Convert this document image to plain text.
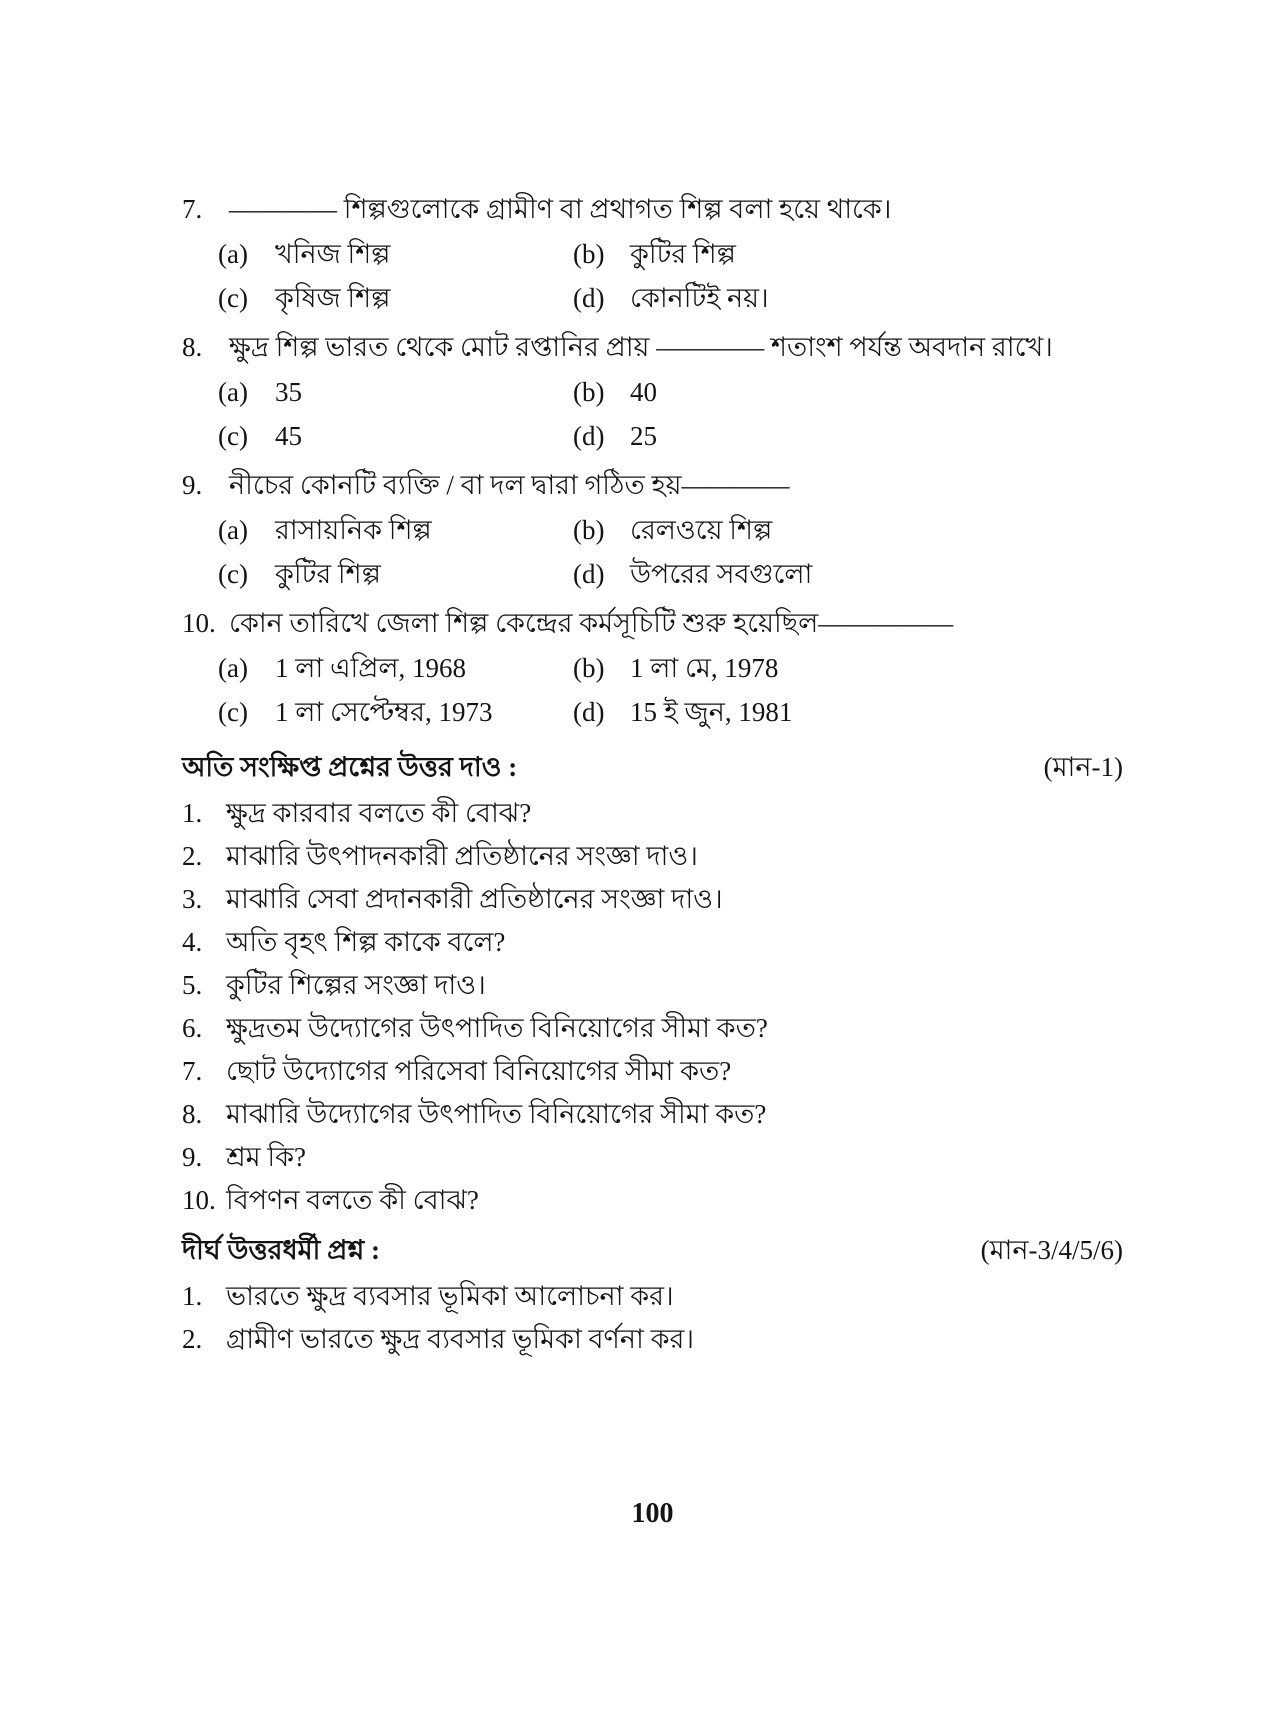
7. ———— শিল্পগুলোকে গ্রামীণ বা প্রথাগত শিল্প বলা হয়ে থাকে।
(a)	খনিজ শিল্প	(b) কুটির শিল্প
(c)	কৃষিজ শিল্প	(d) কোনটিই নয়।
8. ক্ষুদ্র শিল্প ভারত থেকে মোট রপ্তানির প্রায় ———— শতাংশ পর্যন্ত অবদান রাখে।
(a)	35	(b) 40
(c)	45	(d) 25
9. নীচের কোনটি ব্যক্তি / বা দল দ্বারা গঠিত হয়————
(a)	রাসায়নিক শিল্প	(b) রেলওয়ে শিল্প
(c)	কুটির শিল্প	(d) উপরের সবগুলো
10. কোন তারিখে জেলা শিল্প কেন্দ্রের কর্মসূচিটি শুরু হয়েছিল—————
(a)	1 লা এপ্রিল, 1968	(b) 1 লা মে, 1978
(c)	1 লা সেপ্টেম্বর, 1973	(d) 15 ই জুন, 1981
অতি সংক্ষিপ্ত প্রশ্নের উত্তর দাও :	(মান-1)
1. ক্ষুদ্র কারবার বলতে কী বোঝ?
2. মাঝারি উৎপাদনকারী প্রতিষ্ঠানের সংজ্ঞা দাও।
3. মাঝারি সেবা প্রদানকারী প্রতিষ্ঠানের সংজ্ঞা দাও।
4. অতি বৃহৎ শিল্প কাকে বলে?
5. কুটির শিল্পের সংজ্ঞা দাও।
6. ক্ষুদ্রতম উদ্যোগের উৎপাদিত বিনিয়োগের সীমা কত?
7. ছোট উদ্যোগের পরিসেবা বিনিয়োগের সীমা কত?
8. মাঝারি উদ্যোগের উৎপাদিত বিনিয়োগের সীমা কত?
9. শ্রম কি?
10. বিপণন বলতে কী বোঝ?
দীর্ঘ উত্তরধর্মী প্রশ্ন :	(মান-3/4/5/6)
1. ভারতে ক্ষুদ্র ব্যবসার ভূমিকা আলোচনা কর।
2. গ্রামীণ ভারতে ক্ষুদ্র ব্যবসার ভূমিকা বর্ণনা কর।
100
